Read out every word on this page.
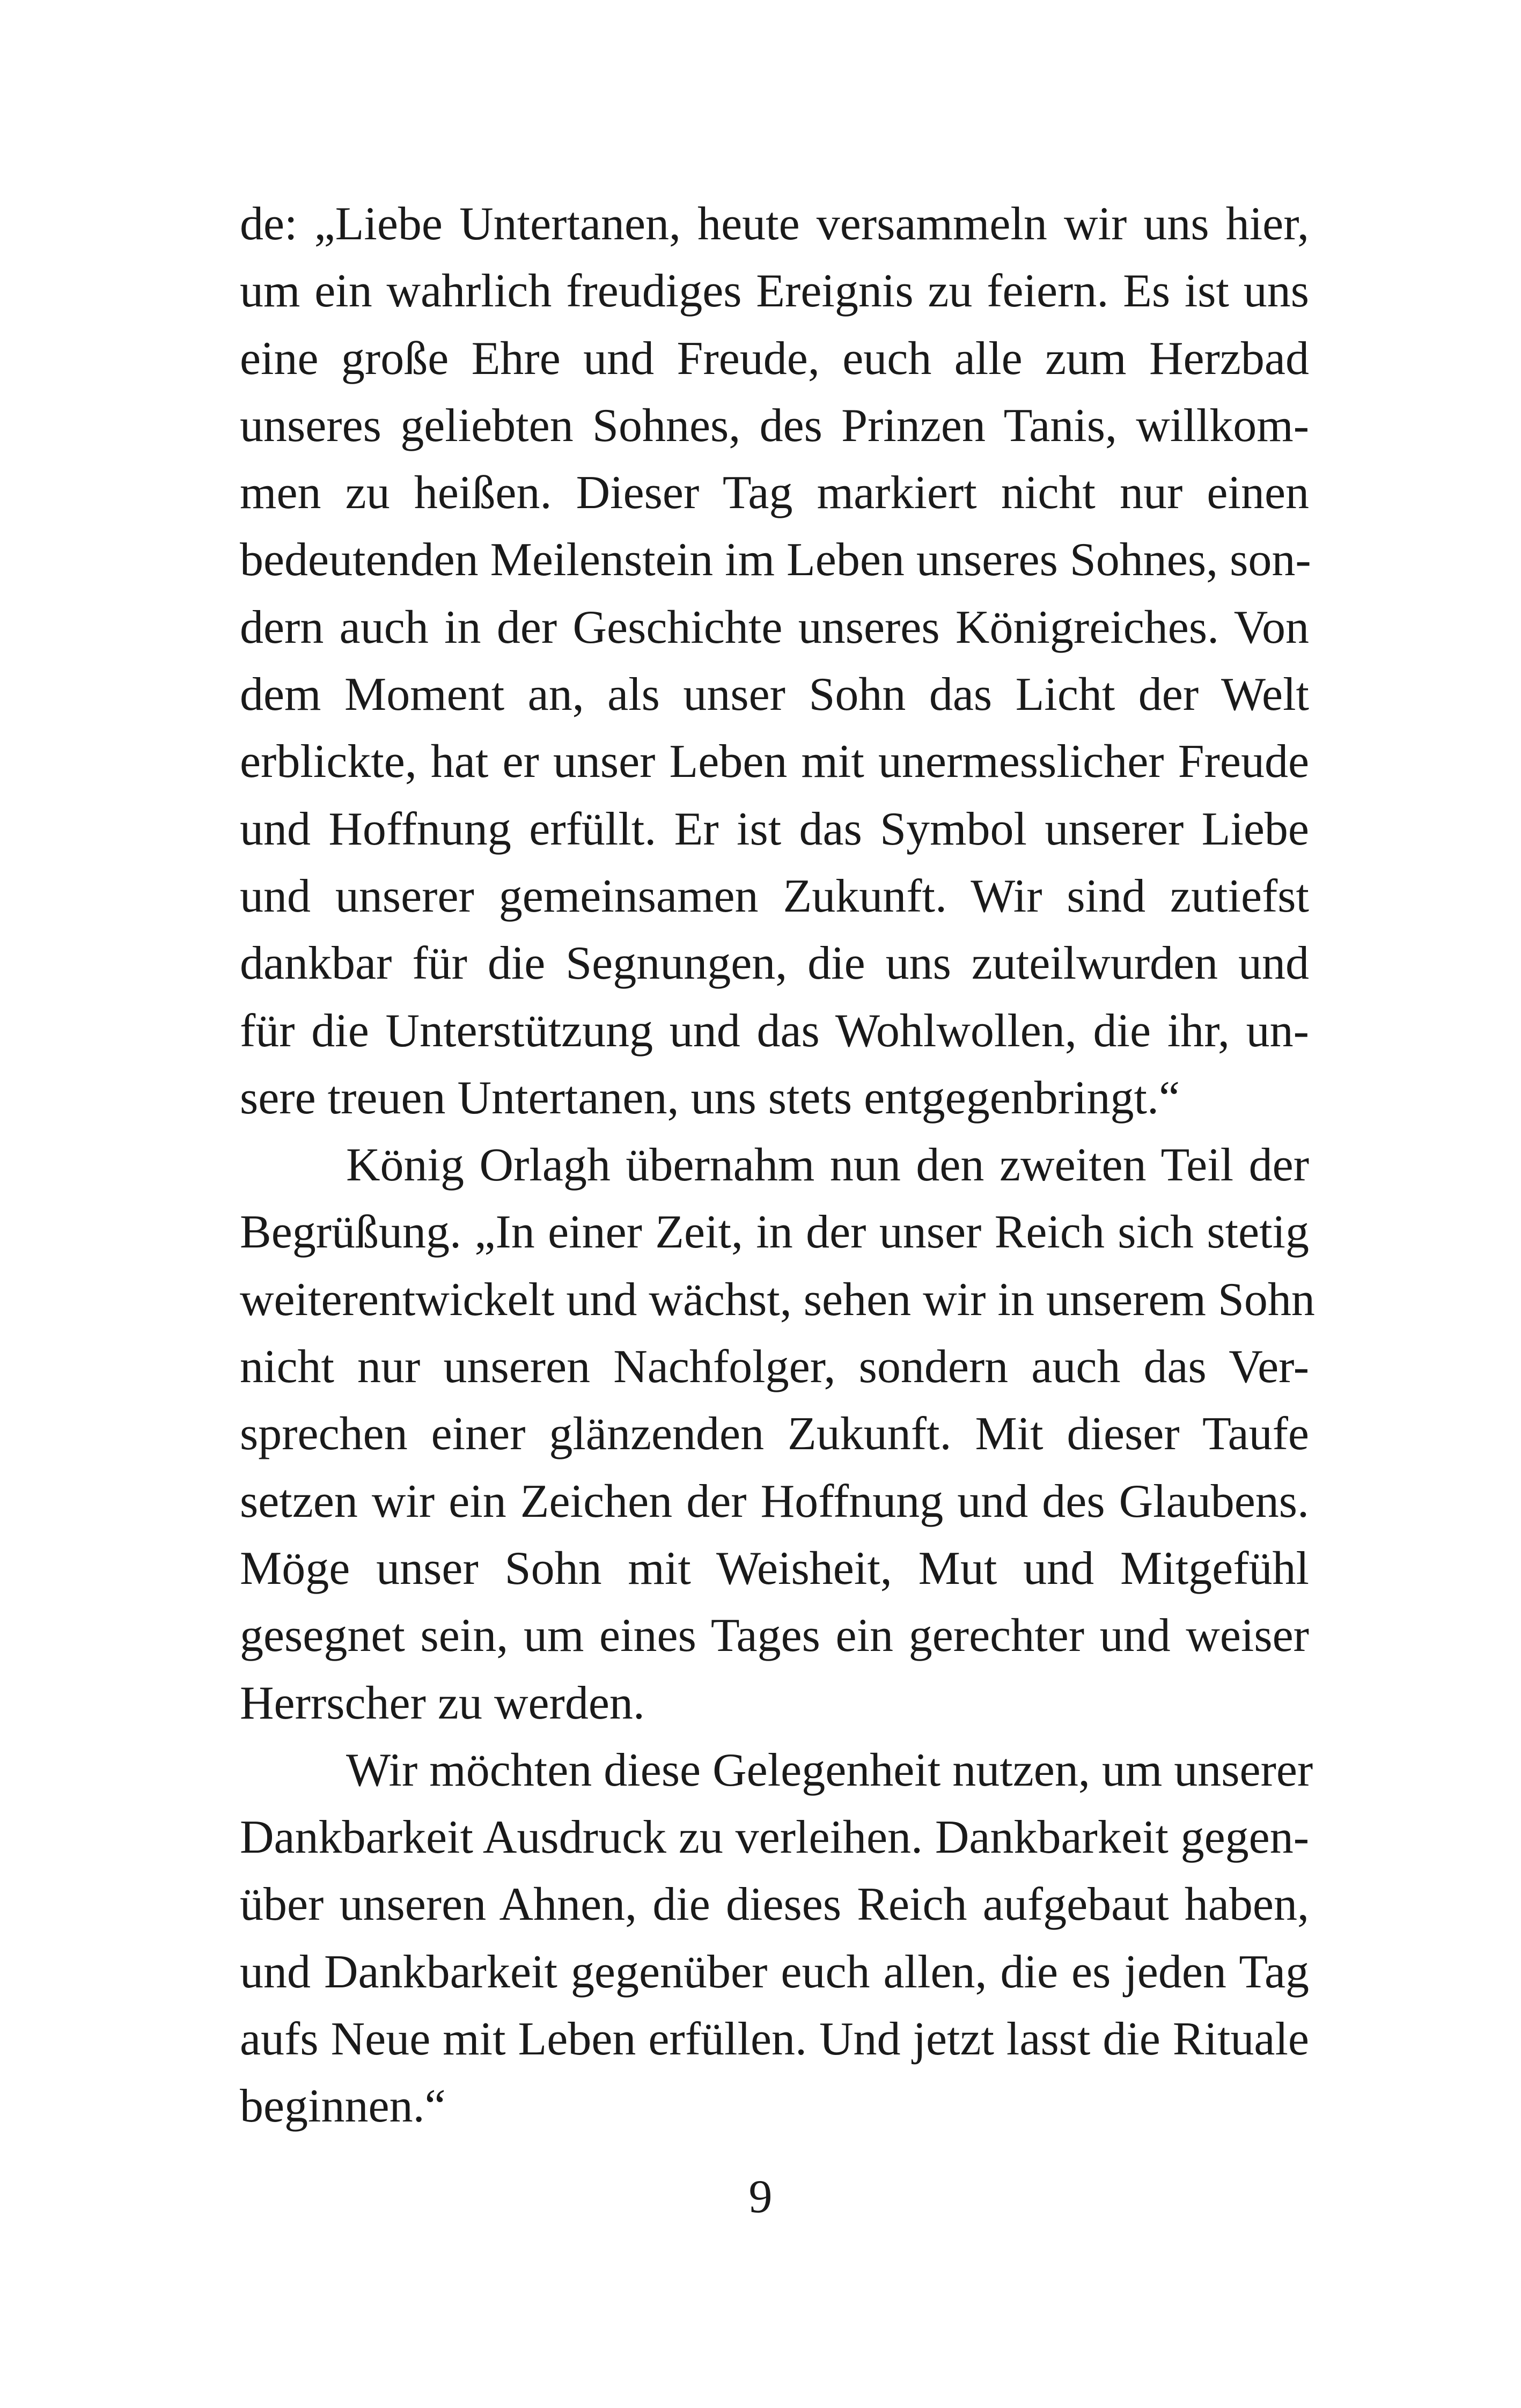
de: „Liebe Untertanen, heute versammeln wir uns hier,
um ein wahrlich freudiges Ereignis zu feiern. Es ist uns
eine große Ehre und Freude, euch alle zum Herzbad
unseres geliebten Sohnes, des Prinzen Tanis, willkom-
men zu heißen. Dieser Tag markiert nicht nur einen
bedeutenden Meilenstein im Leben unseres Sohnes, son-
dern auch in der Geschichte unseres Königreiches. Von
dem Moment an, als unser Sohn das Licht der Welt
erblickte, hat er unser Leben mit unermesslicher Freude
und Hoffnung erfüllt. Er ist das Symbol unserer Liebe
und unserer gemeinsamen Zukunft. Wir sind zutiefst
dankbar für die Segnungen, die uns zuteilwurden und
für die Unterstützung und das Wohlwollen, die ihr, un-
sere treuen Untertanen, uns stets entgegenbringt.“
König Orlagh übernahm nun den zweiten Teil der
Begrüßung. „In einer Zeit, in der unser Reich sich stetig
weiterentwickelt und wächst, sehen wir in unserem Sohn
nicht nur unseren Nachfolger, sondern auch das Ver-
sprechen einer glänzenden Zukunft. Mit dieser Taufe
setzen wir ein Zeichen der Hoffnung und des Glaubens.
Möge unser Sohn mit Weisheit, Mut und Mitgefühl
gesegnet sein, um eines Tages ein gerechter und weiser
Herrscher zu werden.
Wir möchten diese Gelegenheit nutzen, um unserer
Dankbarkeit Ausdruck zu verleihen. Dankbarkeit gegen-
über unseren Ahnen, die dieses Reich aufgebaut haben,
und Dankbarkeit gegenüber euch allen, die es jeden Tag
aufs Neue mit Leben erfüllen. Und jetzt lasst die Rituale
beginnen.“
9
